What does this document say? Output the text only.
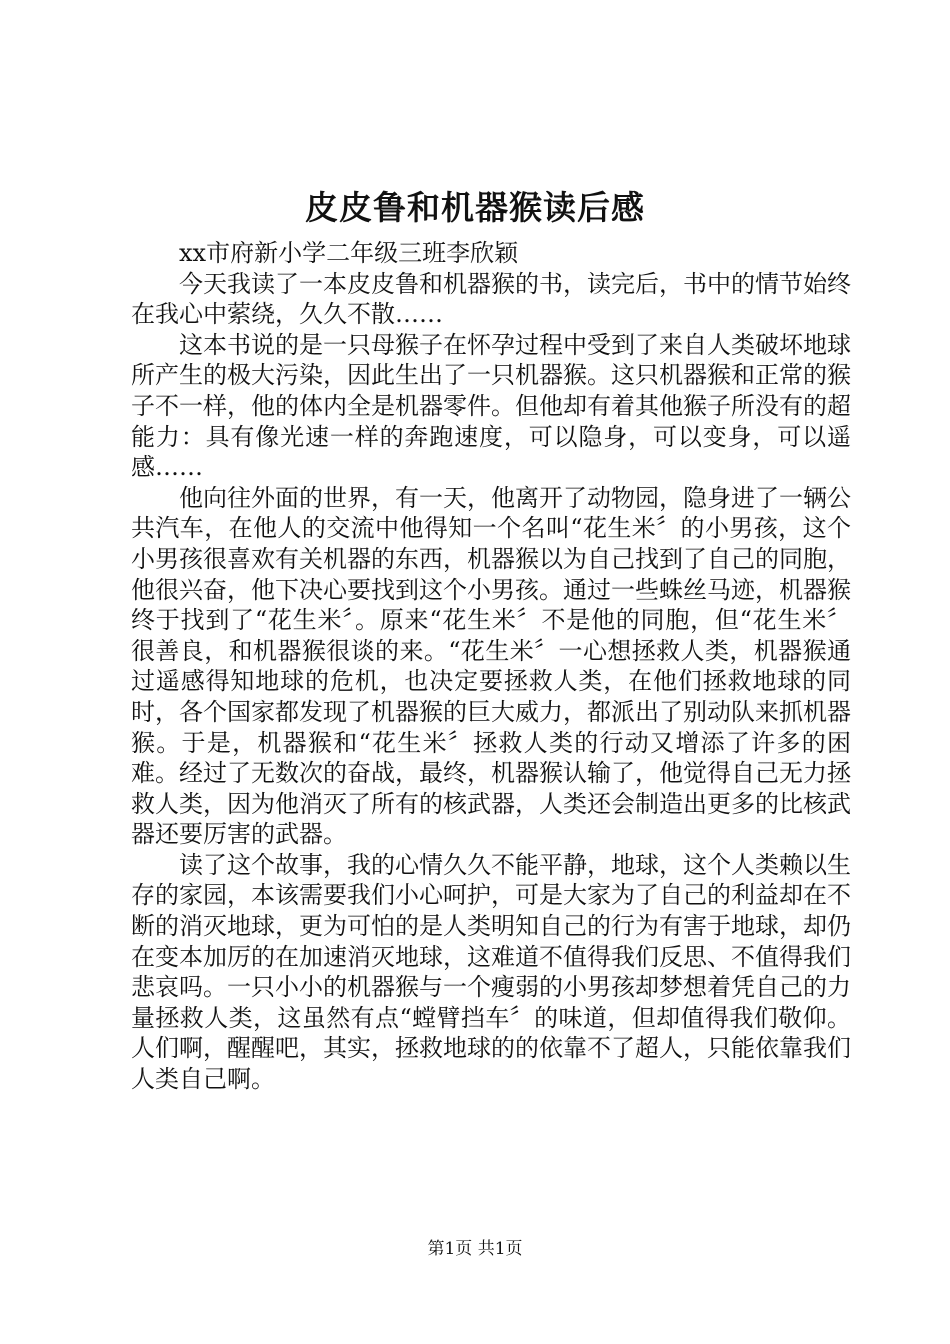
皮皮鲁和机器猴读后感

xx市府新小学二年级三班李欣颖

今天我读了一本皮皮鲁和机器猴的书，读完后，书中的情节始终在我心中萦绕，久久不散……

这本书说的是一只母猴子在怀孕过程中受到了来自人类破坏地球所产生的极大污染，因此生出了一只机器猴。这只机器猴和正常的猴子不一样，他的体内全是机器零件。但他却有着其他猴子所没有的超能力：具有像光速一样的奔跑速度，可以隐身，可以变身，可以遥感……

他向往外面的世界，有一天，他离开了动物园，隐身进了一辆公共汽车，在他人的交流中他得知一个名叫“花生米〞的小男孩，这个小男孩很喜欢有关机器的东西，机器猴以为自己找到了自己的同胞，他很兴奋，他下决心要找到这个小男孩。通过一些蛛丝马迹，机器猴终于找到了“花生米〞。原来“花生米〞不是他的同胞，但“花生米〞很善良，和机器猴很谈的来。“花生米〞一心想拯救人类，机器猴通过遥感得知地球的危机，也决定要拯救人类，在他们拯救地球的同时，各个国家都发现了机器猴的巨大威力，都派出了别动队来抓机器猴。于是，机器猴和“花生米〞拯救人类的行动又增添了许多的困难。经过了无数次的奋战，最终，机器猴认输了，他觉得自己无力拯救人类，因为他消灭了所有的核武器，人类还会制造出更多的比核武器还要厉害的武器。

读了这个故事，我的心情久久不能平静，地球，这个人类赖以生存的家园，本该需要我们小心呵护，可是大家为了自己的利益却在不断的消灭地球，更为可怕的是人类明知自己的行为有害于地球，却仍在变本加厉的在加速消灭地球，这难道不值得我们反思、不值得我们悲哀吗。一只小小的机器猴与一个瘦弱的小男孩却梦想着凭自己的力量拯救人类，这虽然有点“螳臂挡车〞的味道，但却值得我们敬仰。人们啊，醒醒吧，其实，拯救地球的的依靠不了超人，只能依靠我们人类自己啊。

第1页 共1页
